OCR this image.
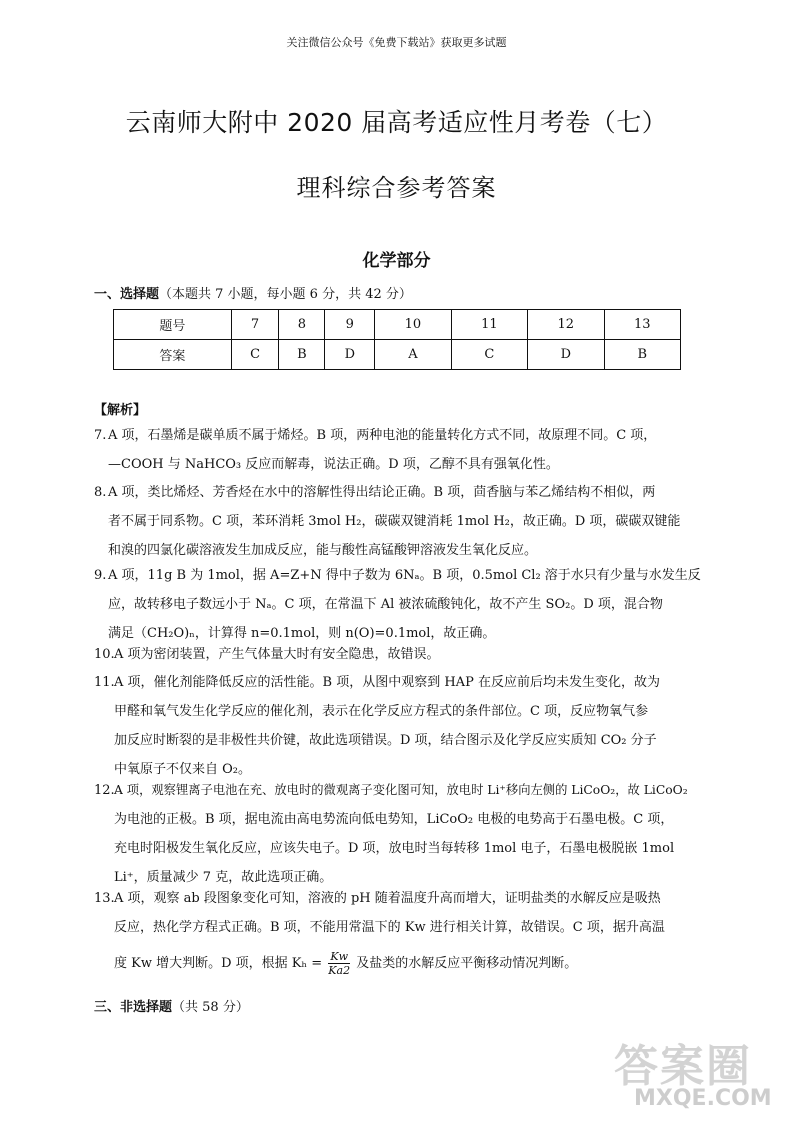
关注微信公众号《免费下载站》获取更多试题
云南师大附中 2020 届高考适应性月考卷（七）
理科综合参考答案
化学部分
一、选择题（本题共 7 小题，每小题 6 分，共 42 分）
题号	7	8	9	10	11	12	13
答案	C	B	D	A	C	D	B
【解析】
7. A 项，石墨烯是碳单质不属于烯烃。B 项，两种电池的能量转化方式不同，故原理不同。C 项，
—COOH 与 NaHCO₃ 反应而解毒，说法正确。D 项，乙醇不具有强氧化性。
8. A 项，类比烯烃、芳香烃在水中的溶解性得出结论正确。B 项，茴香脑与苯乙烯结构不相似，两
者不属于同系物。C 项，苯环消耗 3mol H₂，碳碳双键消耗 1mol H₂，故正确。D 项，碳碳双键能
和溴的四氯化碳溶液发生加成反应，能与酸性高锰酸钾溶液发生氧化反应。
9. A 项，11g B 为 1mol，据 A=Z+N 得中子数为 6Nₐ。B 项，0.5mol Cl₂ 溶于水只有少量与水发生反
应，故转移电子数远小于 Nₐ。C 项，在常温下 Al 被浓硫酸钝化，故不产生 SO₂。D 项，混合物
满足（CH₂O)ₙ，计算得 n=0.1mol，则 n(O)=0.1mol，故正确。
10. A 项为密闭装置，产生气体量大时有安全隐患，故错误。
11. A 项，催化剂能降低反应的活性能。B 项，从图中观察到 HAP 在反应前后均未发生变化，故为
甲醛和氧气发生化学反应的催化剂，表示在化学反应方程式的条件部位。C 项，反应物氧气参
加反应时断裂的是非极性共价键，故此选项错误。D 项，结合图示及化学反应实质知 CO₂ 分子
中氧原子不仅来自 O₂。
12. A 项，观察锂离子电池在充、放电时的微观离子变化图可知，放电时 Li⁺移向左侧的 LiCoO₂，故 LiCoO₂
为电池的正极。B 项，据电流由高电势流向低电势知，LiCoO₂ 电极的电势高于石墨电极。C 项，
充电时阳极发生氧化反应，应该失电子。D 项，放电时当每转移 1mol 电子，石墨电极脱嵌 1mol
Li⁺，质量减少 7 克，故此选项正确。
13. A 项，观察 ab 段图象变化可知，溶液的 pH 随着温度升高而增大，证明盐类的水解反应是吸热
反应，热化学方程式正确。B 项，不能用常温下的 Kw 进行相关计算，故错误。C 项，据升高温
度 Kw 增大判断。D 项，根据 $K_h = \frac{Kw}{Ka2}$ 及盐类的水解反应平衡移动情况判断。
三、非选择题（共 58 分）
答案圈
MXQE.COM
